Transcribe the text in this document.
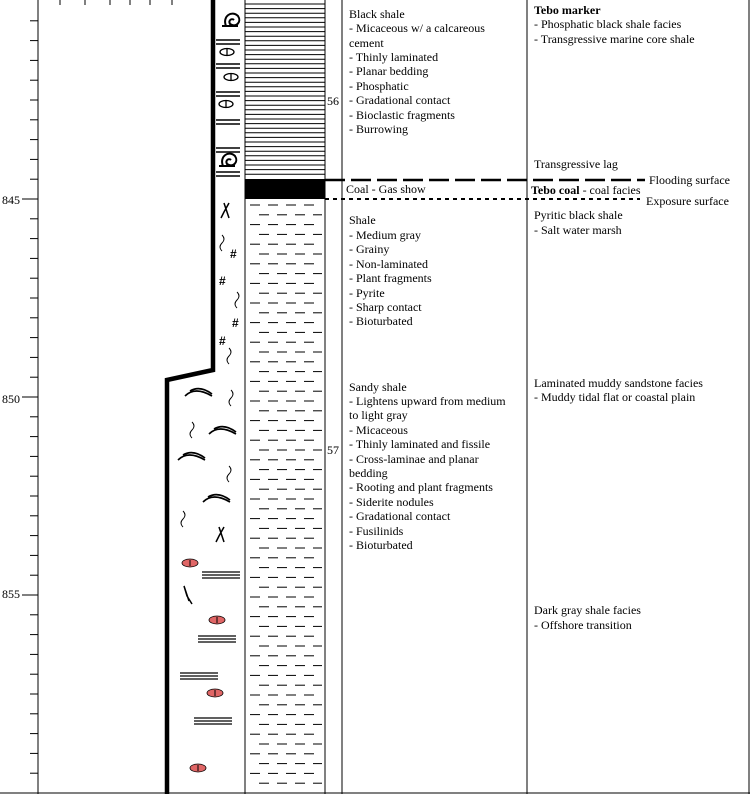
845
850
855
#
#
#
#
56
57
Flooding surface
Exposure surface
Black shale - Micaceous w/ a calcareous cement - Thinly laminated - Planar bedding - Phosphatic - Gradational contact - Bioclastic fragments - Burrowing
Coal - Gas show
Shale - Medium gray - Grainy - Non-laminated - Plant fragments - Pyrite - Sharp contact - Bioturbated
Sandy shale - Lightens upward from medium to light gray - Micaceous - Thinly laminated and fissile - Cross-laminae and planar bedding - Rooting and plant fragments - Siderite nodules - Gradational contact - Fusilinids - Bioturbated
Tebo marker
- Phosphatic black shale facies - Transgressive marine core shale
Transgressive lag
Tebo coal - coal facies
Pyritic black shale - Salt water marsh
Laminated muddy sandstone facies - Muddy tidal flat or coastal plain
Dark gray shale facies - Offshore transition
